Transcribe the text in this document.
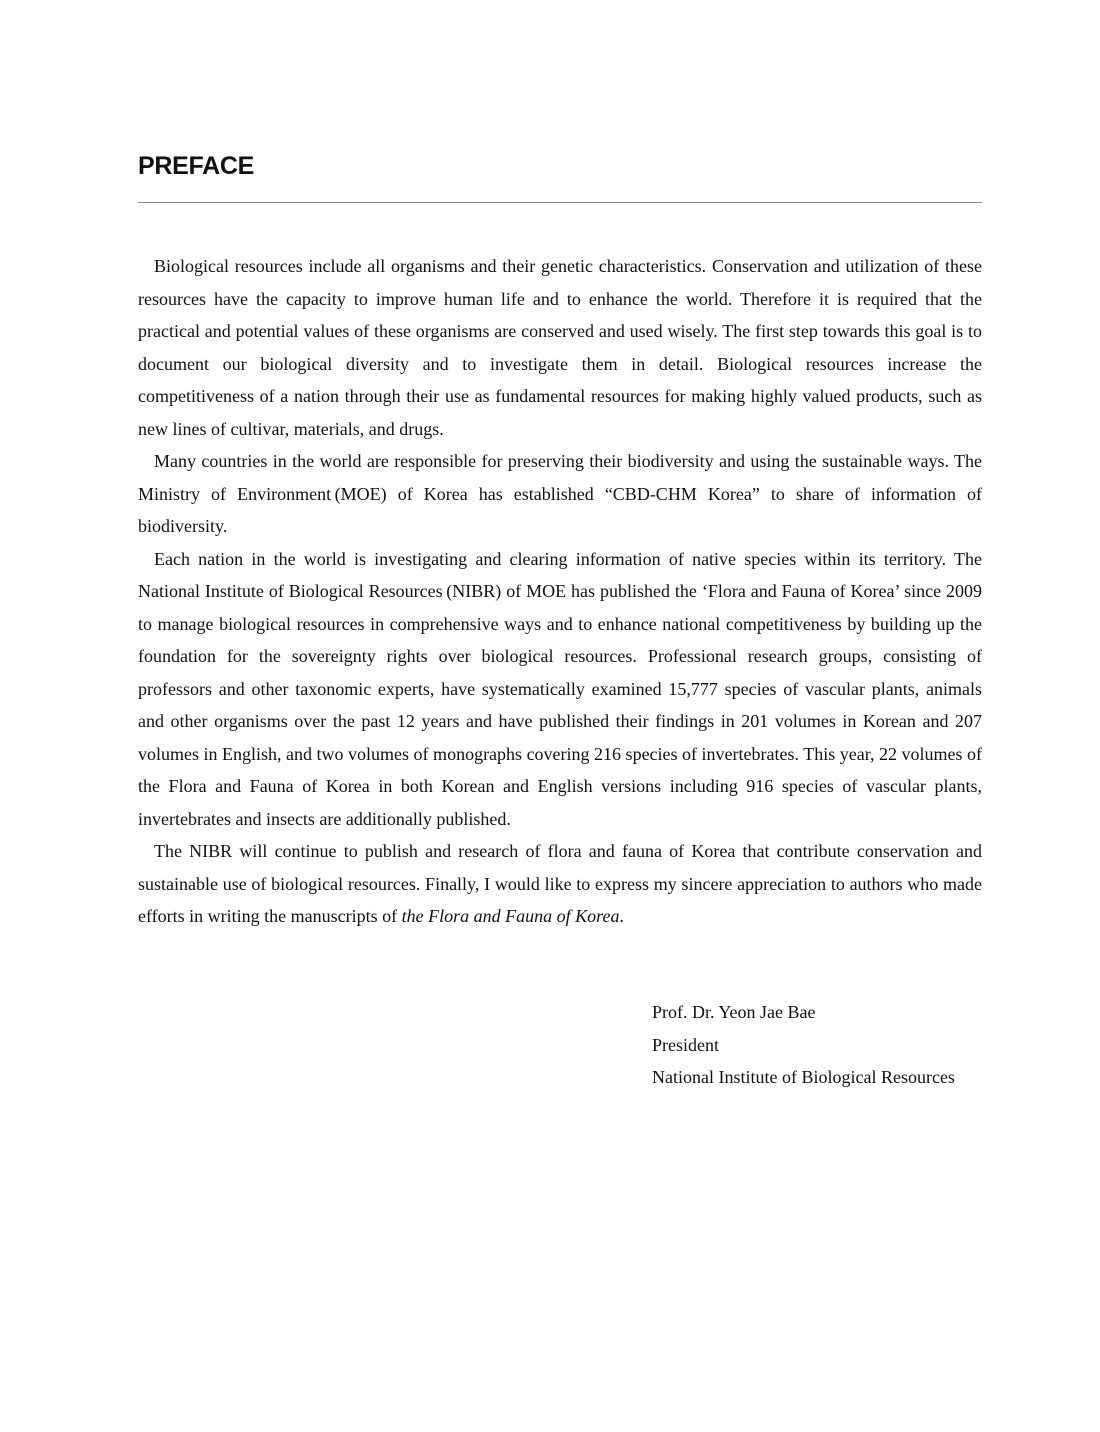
PREFACE

Biological resources include all organisms and their genetic characteristics. Conservation and utilization of these resources have the capacity to improve human life and to enhance the world. Therefore it is required that the practical and potential values of these organisms are conserved and used wisely. The first step towards this goal is to document our biological diversity and to investigate them in detail. Biological resources increase the competitiveness of a nation through their use as fundamental resources for making highly valued products, such as new lines of cultivar, materials, and drugs.

Many countries in the world are responsible for preserving their biodiversity and using the sustainable ways. The Ministry of Environment (MOE) of Korea has established “CBD-CHM Korea” to share of information of biodiversity.

Each nation in the world is investigating and clearing information of native species within its territory. The National Institute of Biological Resources (NIBR) of MOE has published the ‘Flora and Fauna of Korea’ since 2009 to manage biological resources in comprehensive ways and to enhance national competitiveness by building up the foundation for the sovereignty rights over biological resources. Professional research groups, consisting of professors and other taxonomic experts, have systematically examined 15,777 species of vascular plants, animals and other organisms over the past 12 years and have published their findings in 201 volumes in Korean and 207 volumes in English, and two volumes of monographs covering 216 species of invertebrates. This year, 22 volumes of the Flora and Fauna of Korea in both Korean and English versions including 916 species of vascular plants, invertebrates and insects are additionally published.

The NIBR will continue to publish and research of flora and fauna of Korea that contribute conservation and sustainable use of biological resources. Finally, I would like to express my sincere appreciation to authors who made efforts in writing the manuscripts of the Flora and Fauna of Korea.

Prof. Dr. Yeon Jae Bae
President
National Institute of Biological Resources
